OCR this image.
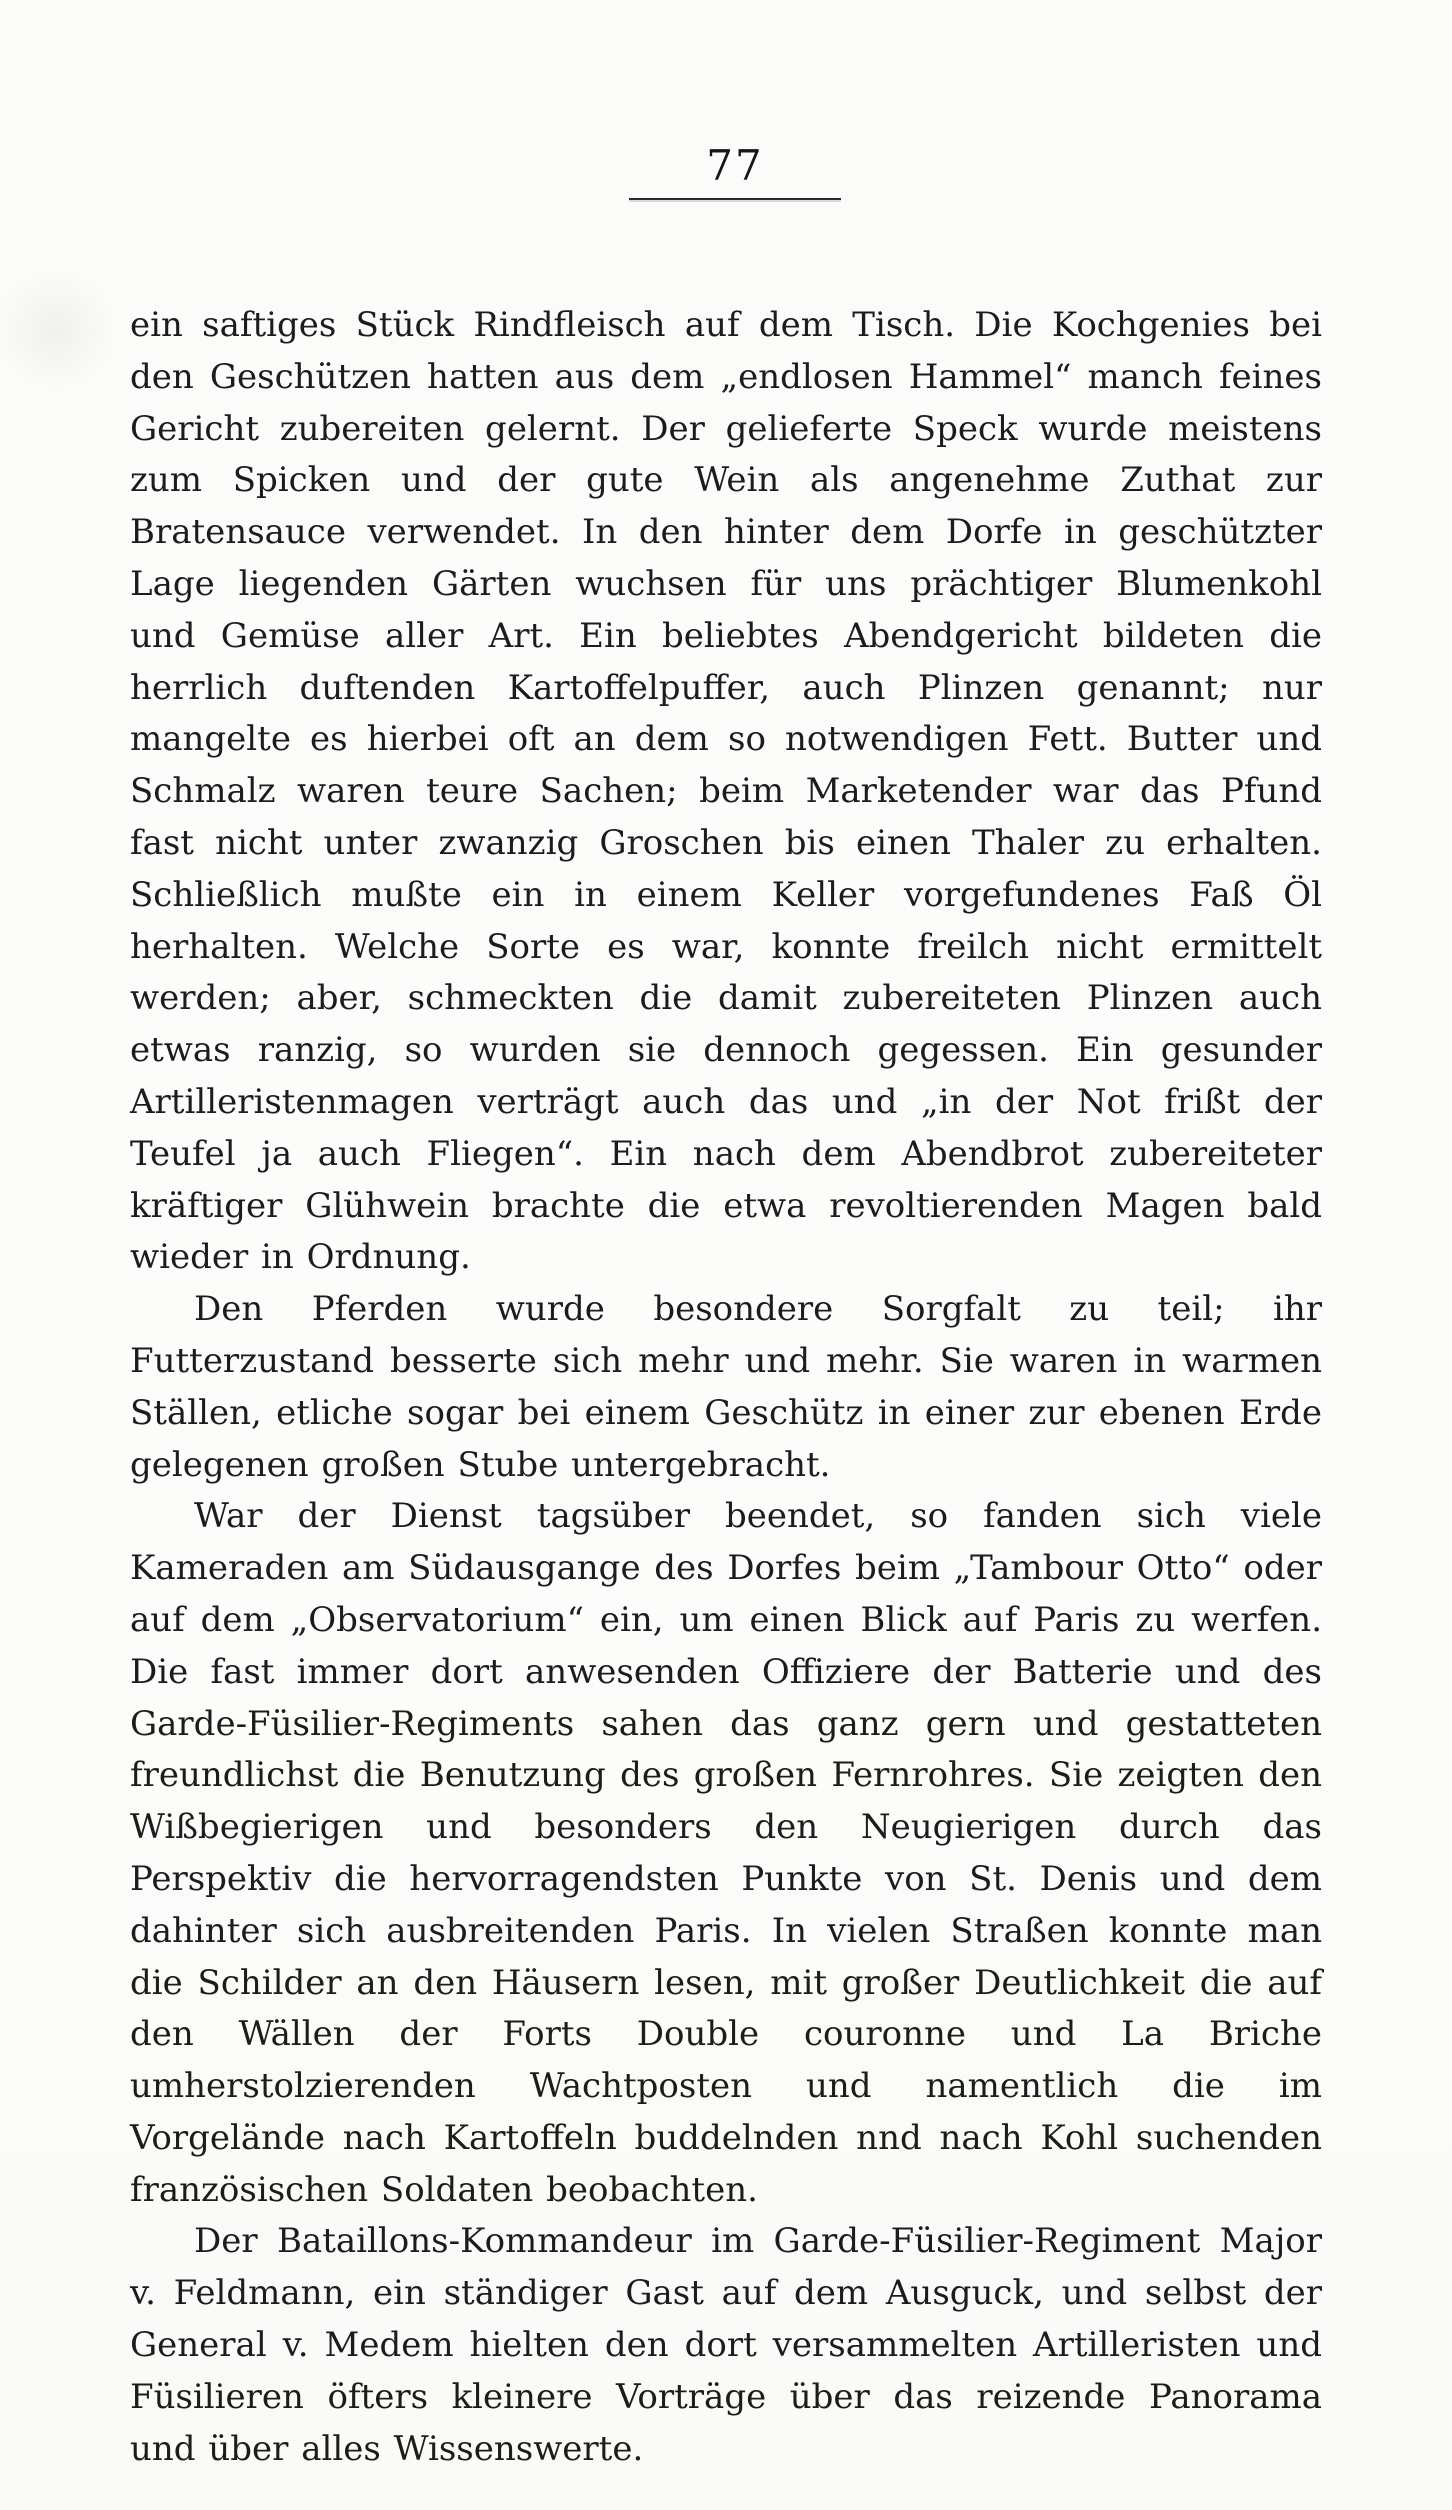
77

ein saftiges Stück Rindfleisch auf dem Tisch. Die Kochgenies bei den Geschützen hatten aus dem „endlosen Hammel“ manch feines Gericht zubereiten gelernt. Der gelieferte Speck wurde meistens zum Spicken und der gute Wein als angenehme Zuthat zur Bratensauce verwendet. In den hinter dem Dorfe in geschützter Lage liegenden Gärten wuchsen für uns prächtiger Blumenkohl und Gemüse aller Art. Ein beliebtes Abendgericht bildeten die herrlich duftenden Kartoffelpuffer, auch Plinzen genannt; nur mangelte es hierbei oft an dem so notwendigen Fett. Butter und Schmalz waren teure Sachen; beim Marketender war das Pfund fast nicht unter zwanzig Groschen bis einen Thaler zu erhalten. Schließlich mußte ein in einem Keller vorgefundenes Faß Öl herhalten. Welche Sorte es war, konnte freilch nicht ermittelt werden; aber, schmeckten die damit zubereiteten Plinzen auch etwas ranzig, so wurden sie dennoch gegessen. Ein gesunder Artilleristenmagen verträgt auch das und „in der Not frißt der Teufel ja auch Fliegen“. Ein nach dem Abendbrot zubereiteter kräftiger Glühwein brachte die etwa revoltierenden Magen bald wieder in Ordnung.

Den Pferden wurde besondere Sorgfalt zu teil; ihr Futterzustand besserte sich mehr und mehr. Sie waren in warmen Ställen, etliche sogar bei einem Geschütz in einer zur ebenen Erde gelegenen großen Stube untergebracht.

War der Dienst tagsüber beendet, so fanden sich viele Kameraden am Südausgange des Dorfes beim „Tambour Otto“ oder auf dem „Observatorium“ ein, um einen Blick auf Paris zu werfen. Die fast immer dort anwesenden Offiziere der Batterie und des Garde-Füsilier-Regiments sahen das ganz gern und gestatteten freundlichst die Benutzung des großen Fernrohres. Sie zeigten den Wißbegierigen und besonders den Neugierigen durch das Perspektiv die hervorragendsten Punkte von St. Denis und dem dahinter sich ausbreitenden Paris. In vielen Straßen konnte man die Schilder an den Häusern lesen, mit großer Deutlichkeit die auf den Wällen der Forts Double couronne und La Briche umherstolzierenden Wachtposten und namentlich die im Vorgelände nach Kartoffeln buddelnden nnd nach Kohl suchenden französischen Soldaten beobachten.

Der Bataillons-Kommandeur im Garde-Füsilier-Regiment Major v. Feldmann, ein ständiger Gast auf dem Ausguck, und selbst der General v. Medem hielten den dort versammelten Artilleristen und Füsilieren öfters kleinere Vorträge über das reizende Panorama und über alles Wissenswerte.
